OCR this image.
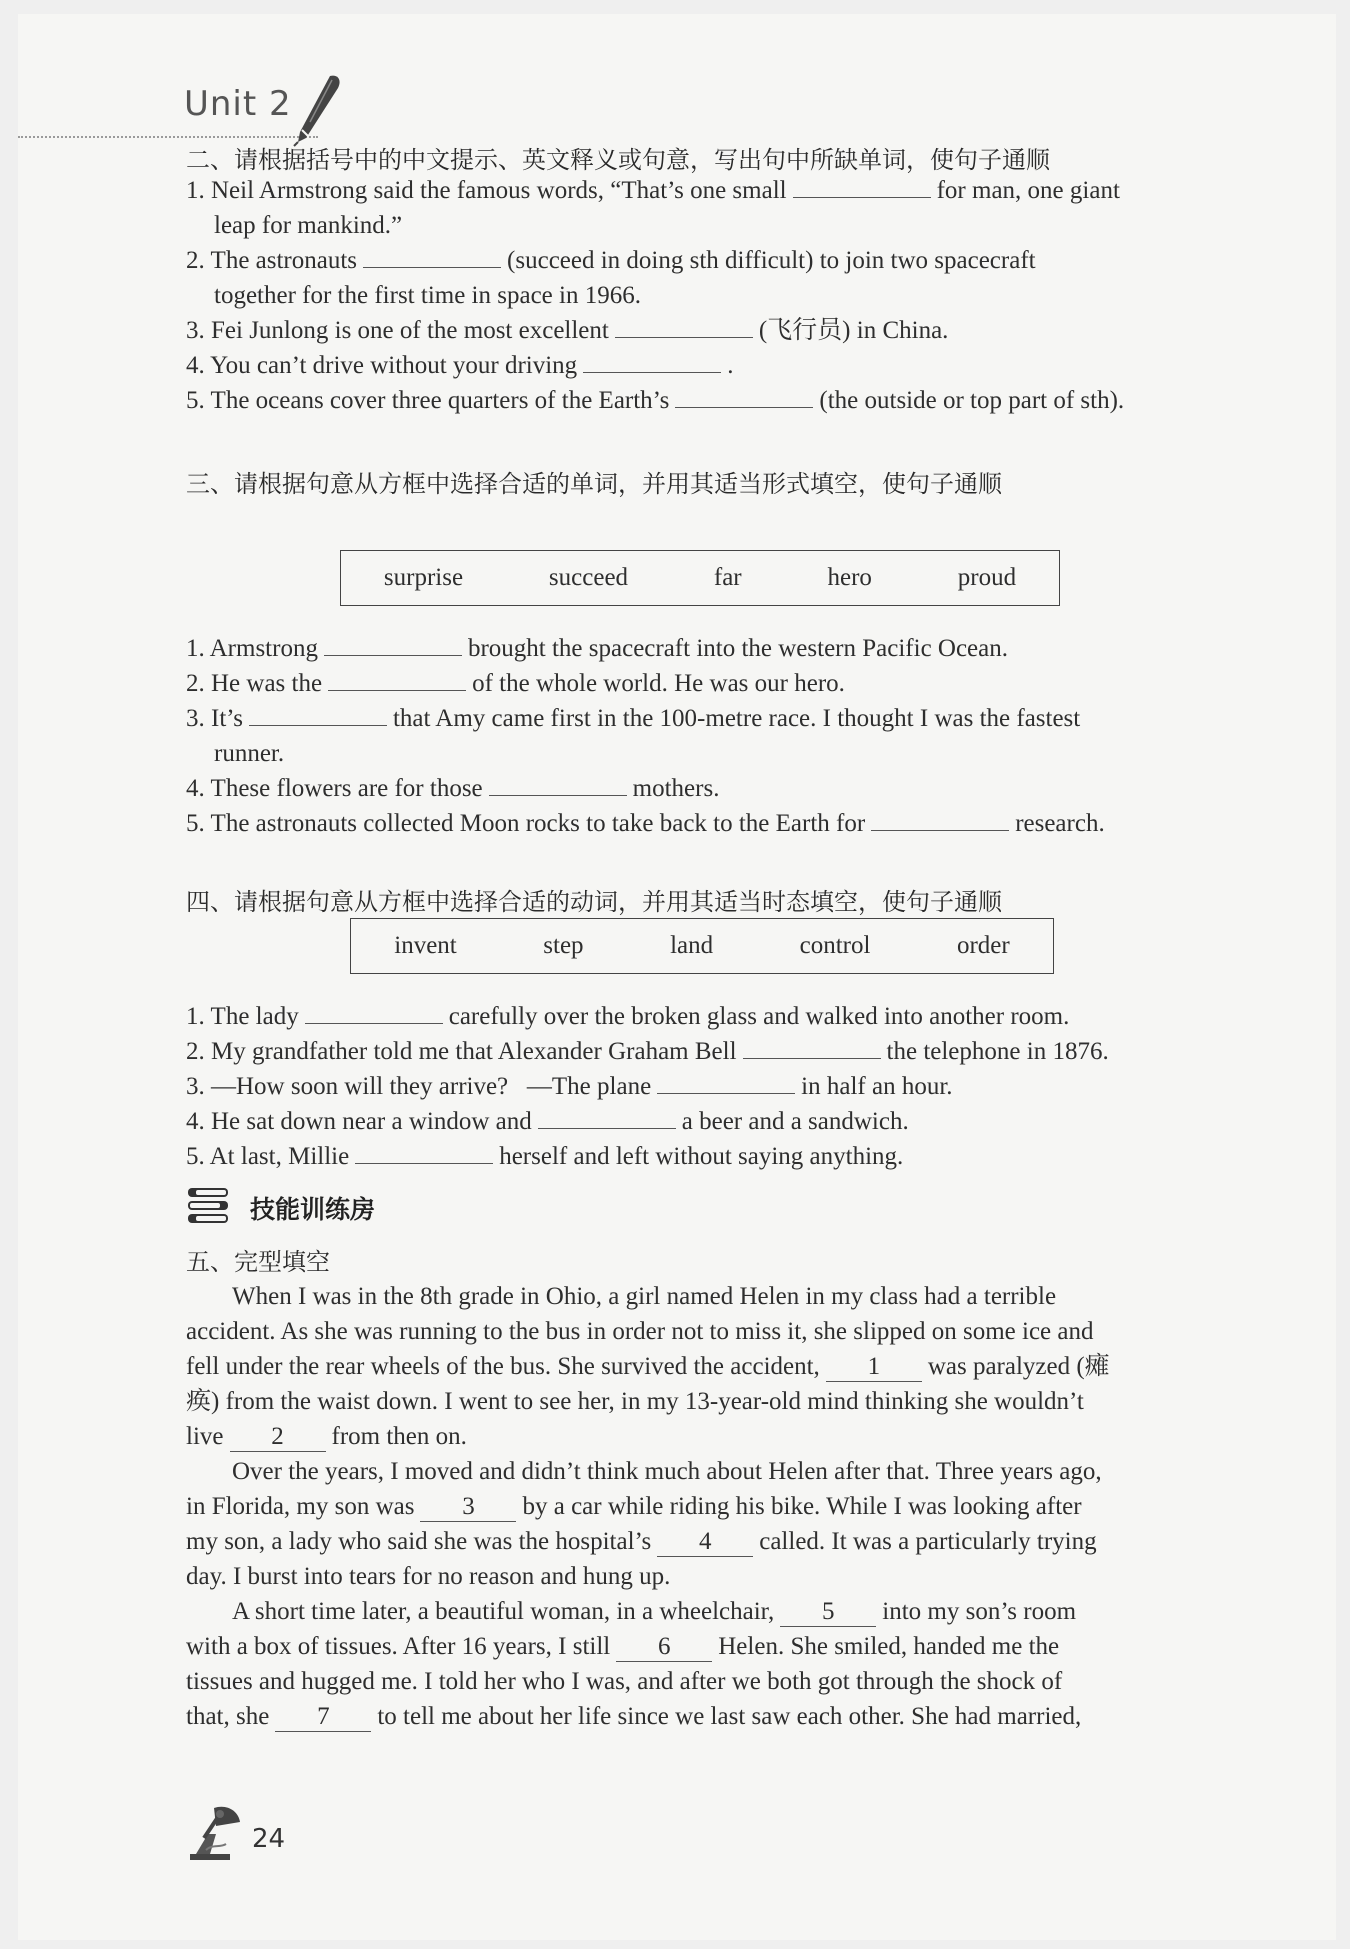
Unit 2
二、请根据括号中的中文提示、英文释义或句意，写出句中所缺单词，使句子通顺
1. Neil Armstrong said the famous words, “That’s one small	for man, one giant
leap for mankind.”
2. The astronauts	(succeed in doing sth difficult) to join two spacecraft
together for the first time in space in 1966.
3. Fei Junlong is one of the most excellent	(飞行员) in China.
4. You can’t drive without your driving	.
5. The oceans cover three quarters of the Earth’s	(the outside or top part of sth).
三、请根据句意从方框中选择合适的单词，并用其适当形式填空，使句子通顺
surprise	succeed	far	hero	proud
1. Armstrong	brought the spacecraft into the western Pacific Ocean.
2. He was the	of the whole world. He was our hero.
3. It’s	that Amy came first in the 100-metre race. I thought I was the fastest
runner.
4. These flowers are for those	mothers.
5. The astronauts collected Moon rocks to take back to the Earth for	research.
四、请根据句意从方框中选择合适的动词，并用其适当时态填空，使句子通顺
invent	step	land	control	order
1. The lady	carefully over the broken glass and walked into another room.
2. My grandfather told me that Alexander Graham Bell	the telephone in 1876.
3. —How soon will they arrive?   —The plane	in half an hour.
4. He sat down near a window and	a beer and a sandwich.
5. At last, Millie	herself and left without saying anything.
技能训练房
五、完型填空
When I was in the 8th grade in Ohio, a girl named Helen in my class had a terrible
accident. As she was running to the bus in order not to miss it, she slipped on some ice and
fell under the rear wheels of the bus. She survived the accident, 1 was paralyzed (瘫
痪) from the waist down. I went to see her, in my 13-year-old mind thinking she wouldn’t
live 2 from then on.
Over the years, I moved and didn’t think much about Helen after that. Three years ago,
in Florida, my son was 3 by a car while riding his bike. While I was looking after
my son, a lady who said she was the hospital’s 4 called. It was a particularly trying
day. I burst into tears for no reason and hung up.
A short time later, a beautiful woman, in a wheelchair, 5 into my son’s room
with a box of tissues. After 16 years, I still 6 Helen. She smiled, handed me the
tissues and hugged me. I told her who I was, and after we both got through the shock of
that, she 7 to tell me about her life since we last saw each other. She had married,
24
